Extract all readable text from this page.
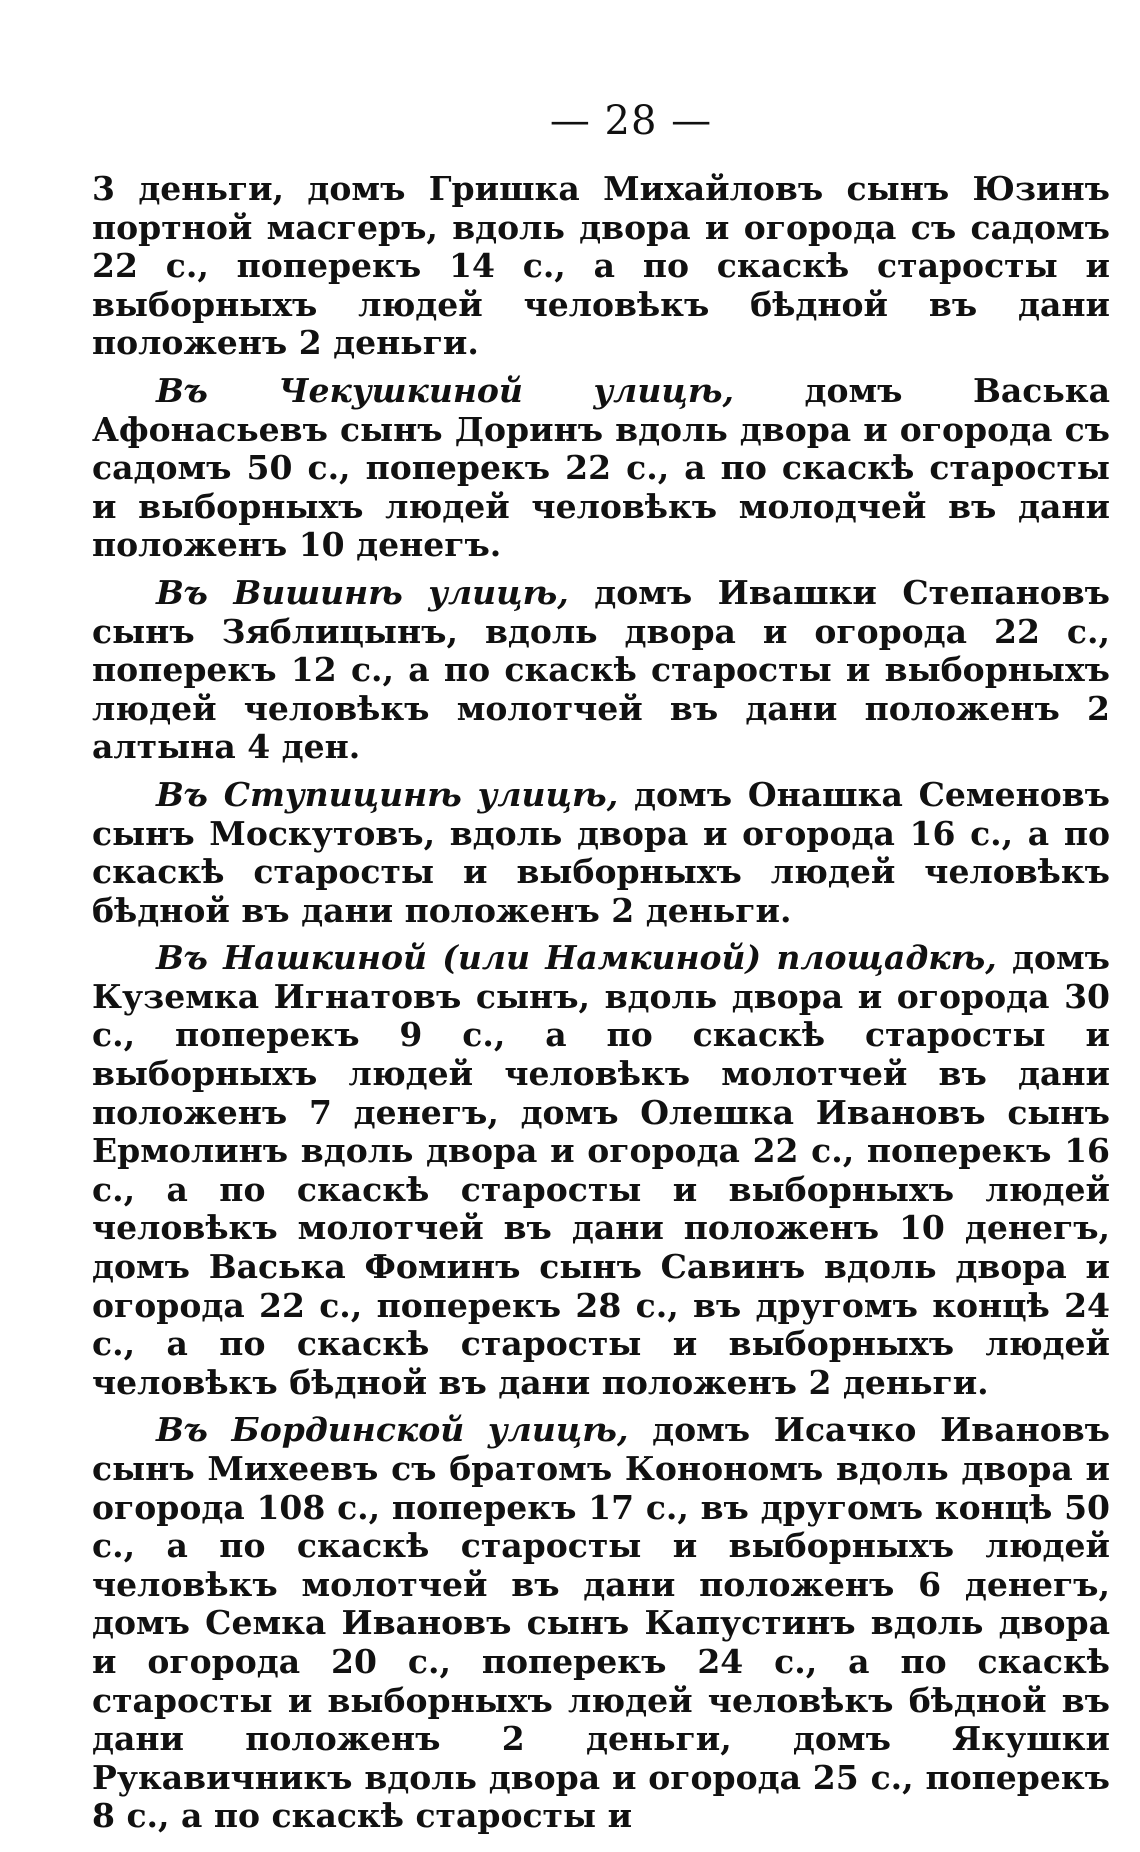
— 28 —

3 деньги, домъ Гришка Михайловъ сынъ Юзинъ портной масгеръ, вдоль двора и огорода съ садомъ 22 с., поперекъ 14 с., а по скаскѣ старосты и выборныхъ людей человѣкъ бѣдной въ дани положенъ 2 деньги.

Въ Чекушкиной улицѣ, домъ Васька Афонасьевъ сынъ Доринъ вдоль двора и огорода съ садомъ 50 с., поперекъ 22 с., а по скаскѣ старосты и выборныхъ людей человѣкъ молодчей въ дани положенъ 10 денегъ.

Въ Вишинѣ улицѣ, домъ Ивашки Степановъ сынъ Зяблицынъ, вдоль двора и огорода 22 с., поперекъ 12 с., а по скаскѣ старосты и выборныхъ людей человѣкъ молотчей въ дани положенъ 2 алтына 4 ден.

Въ Ступицинѣ улицѣ, домъ Онашка Семеновъ сынъ Москутовъ, вдоль двора и огорода 16 с., а по скаскѣ старосты и выборныхъ людей человѣкъ бѣдной въ дани положенъ 2 деньги.

Въ Нашкиной (или Намкиной) площадкѣ, домъ Куземка Игнатовъ сынъ, вдоль двора и огорода 30 с., поперекъ 9 с., а по скаскѣ старосты и выборныхъ людей человѣкъ молотчей въ дани положенъ 7 денегъ, домъ Олешка Ивановъ сынъ Ермолинъ вдоль двора и огорода 22 с., поперекъ 16 с., а по скаскѣ старосты и выборныхъ людей человѣкъ молотчей въ дани положенъ 10 денегъ, домъ Васька Фоминъ сынъ Савинъ вдоль двора и огорода 22 с., поперекъ 28 с., въ другомъ концѣ 24 с., а по скаскѣ старосты и выборныхъ людей человѣкъ бѣдной въ дани положенъ 2 деньги.

Въ Бординской улицѣ, домъ Исачко Ивановъ сынъ Михеевъ съ братомъ Конономъ вдоль двора и огорода 108 с., поперекъ 17 с., въ другомъ концѣ 50 с., а по скаскѣ старосты и выборныхъ людей человѣкъ молотчей въ дани положенъ 6 денегъ, домъ Семка Ивановъ сынъ Капустинъ вдоль двора и огорода 20 с., поперекъ 24 с., а по скаскѣ старосты и выборныхъ людей человѣкъ бѣдной въ дани положенъ 2 деньги, домъ Якушки Рукавичникъ вдоль двора и огорода 25 с., поперекъ 8 с., а по скаскѣ старосты и
